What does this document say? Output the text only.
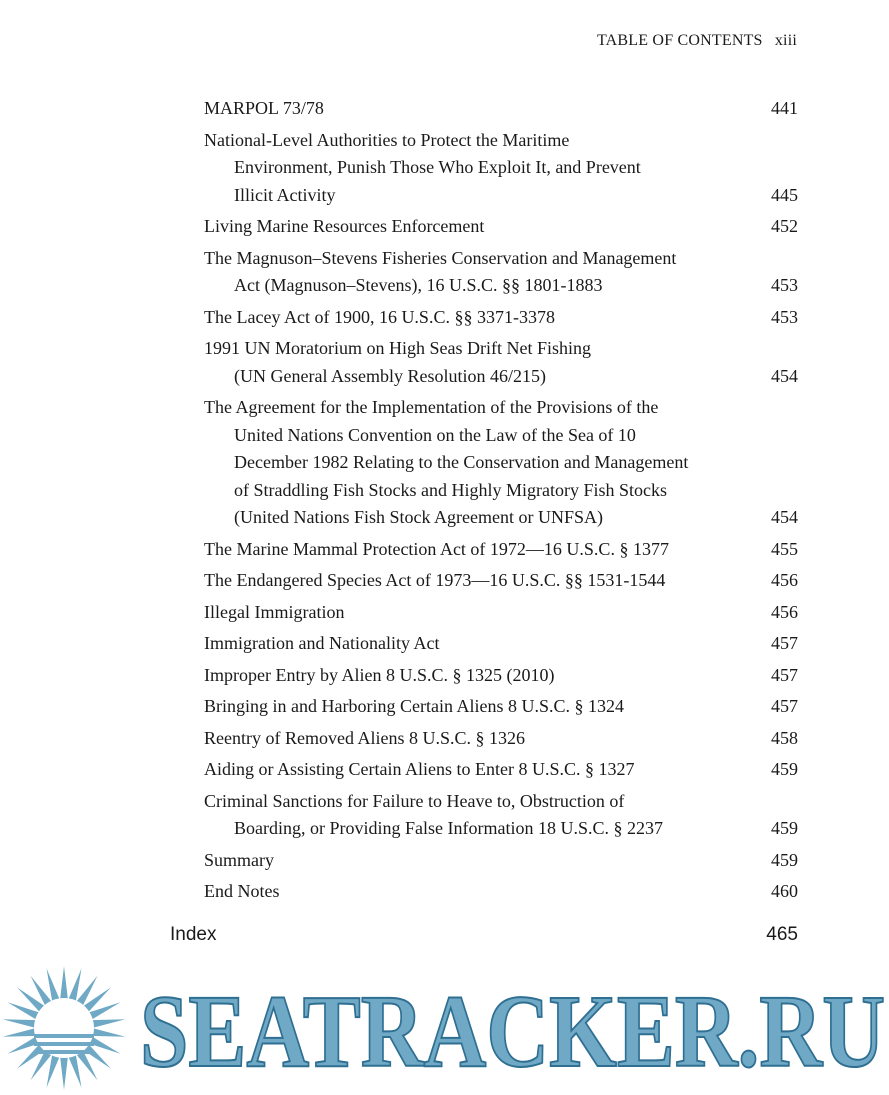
TABLE OF CONTENTS xiii
MARPOL 73/78	441
National-Level Authorities to Protect the Maritime
Environment, Punish Those Who Exploit It, and Prevent
Illicit Activity	445
Living Marine Resources Enforcement	452
The Magnuson–Stevens Fisheries Conservation and Management
Act (Magnuson–Stevens), 16 U.S.C. §§ 1801-1883	453
The Lacey Act of 1900, 16 U.S.C. §§ 3371-3378	453
1991 UN Moratorium on High Seas Drift Net Fishing
(UN General Assembly Resolution 46/215)	454
The Agreement for the Implementation of the Provisions of the
United Nations Convention on the Law of the Sea of 10
December 1982 Relating to the Conservation and Management
of Straddling Fish Stocks and Highly Migratory Fish Stocks
(United Nations Fish Stock Agreement or UNFSA)	454
The Marine Mammal Protection Act of 1972—16 U.S.C. § 1377	455
The Endangered Species Act of 1973—16 U.S.C. §§ 1531-1544	456
Illegal Immigration	456
Immigration and Nationality Act	457
Improper Entry by Alien 8 U.S.C. § 1325 (2010)	457
Bringing in and Harboring Certain Aliens 8 U.S.C. § 1324	457
Reentry of Removed Aliens 8 U.S.C. § 1326	458
Aiding or Assisting Certain Aliens to Enter 8 U.S.C. § 1327	459
Criminal Sanctions for Failure to Heave to, Obstruction of
Boarding, or Providing False Information 18 U.S.C. § 2237	459
Summary	459
End Notes	460
Index	465
SEATRACKER.RU
